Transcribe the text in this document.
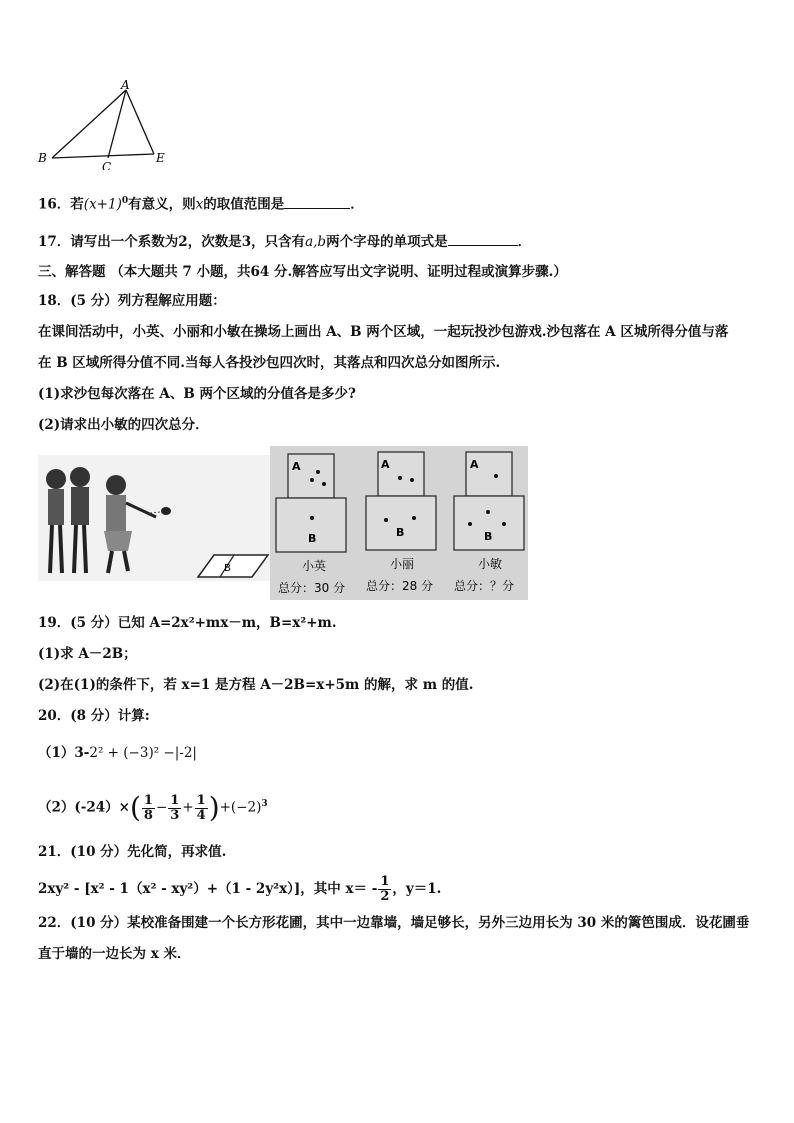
A
B
C
E
16．若$(x+1)^0$有意义，则x的取值范围是	．
17．请写出一个系数为2，次数是3，只含有a,b两个字母的单项式是	．
三、解答题 （本大题共 7 小题，共64 分.解答应写出文字说明、证明过程或演算步骤.）
18．(5 分）列方程解应用题：
在课间活动中，小英、小丽和小敏在操场上画出 A、B 两个区域，一起玩投沙包游戏.沙包落在 A 区城所得分值与落
在 B 区域所得分值不同.当每人各投沙包四次时，其落点和四次总分如图所示.
(1)求沙包每次落在 A、B 两个区域的分值各是多少?
(2)请求出小敏的四次总分．
B
A
B
小英
总分：30 分
A
B
小丽
总分：28 分
A
B
小敏
总分：？分
19．(5 分）已知 A=2x²+mx－m，B=x²+m.
(1)求 A－2B；
(2)在(1)的条件下，若 x=1 是方程 A－2B=x+5m 的解，求 m 的值.
20．(8 分）计算:
（1）3-2² + (−3)² −|-2|
$(2)(-24)\times( \frac{1}{8} - \frac{1}{3} + \frac{1}{4} )+(-2)^3$
21．(10 分）先化简，再求值.
2xy² - [x² - 1（x² - xy²）+（1 - 2y²x）]，其中 $x= - \frac{1}{2}$ ，y＝1.
22．(10 分）某校准备围建一个长方形花圃，其中一边靠墙，墙足够长，另外三边用长为 30 米的篱笆围成．设花圃垂
直于墙的一边长为 x 米．
